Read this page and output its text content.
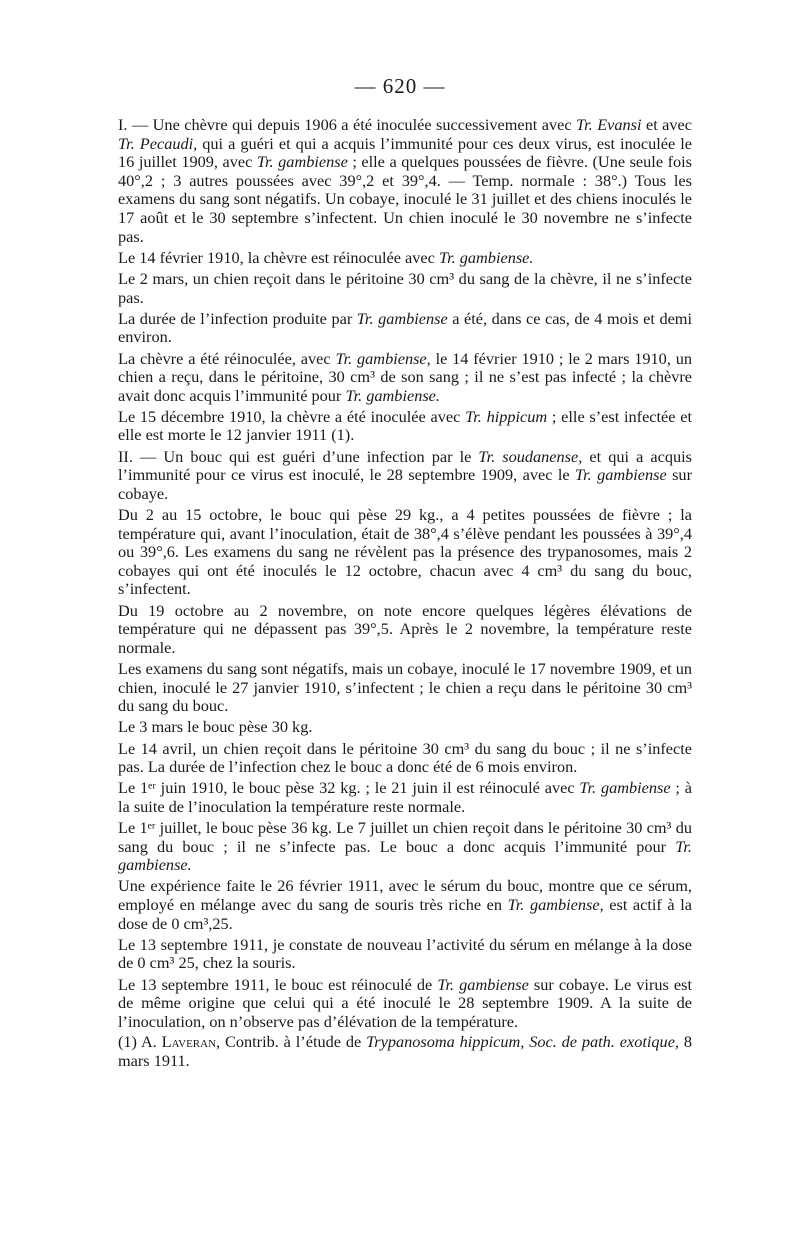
— 620 —

I. — Une chèvre qui depuis 1906 a été inoculée successivement avec Tr. Evansi et avec Tr. Pecaudi, qui a guéri et qui a acquis l’immunité pour ces deux virus, est inoculée le 16 juillet 1909, avec Tr. gambiense ; elle a quelques poussées de fièvre. (Une seule fois 40°,2 ; 3 autres poussées avec 39°,2 et 39°,4. — Temp. normale : 38°.) Tous les examens du sang sont négatifs. Un cobaye, inoculé le 31 juillet et des chiens inoculés le 17 août et le 30 septembre s’infectent. Un chien inoculé le 30 novembre ne s’infecte pas.

Le 14 février 1910, la chèvre est réinoculée avec Tr. gambiense.

Le 2 mars, un chien reçoit dans le péritoine 30 cm³ du sang de la chèvre, il ne s’infecte pas.

La durée de l’infection produite par Tr. gambiense a été, dans ce cas, de 4 mois et demi environ.

La chèvre a été réinoculée, avec Tr. gambiense, le 14 février 1910 ; le 2 mars 1910, un chien a reçu, dans le péritoine, 30 cm³ de son sang ; il ne s’est pas infecté ; la chèvre avait donc acquis l’immunité pour Tr. gambiense.

Le 15 décembre 1910, la chèvre a été inoculée avec Tr. hippicum ; elle s’est infectée et elle est morte le 12 janvier 1911 (1).

II. — Un bouc qui est guéri d’une infection par le Tr. soudanense, et qui a acquis l’immunité pour ce virus est inoculé, le 28 septembre 1909, avec le Tr. gambiense sur cobaye.

Du 2 au 15 octobre, le bouc qui pèse 29 kg., a 4 petites poussées de fièvre ; la température qui, avant l’inoculation, était de 38°,4 s’élève pendant les poussées à 39°,4 ou 39°,6. Les examens du sang ne révèlent pas la présence des trypanosomes, mais 2 cobayes qui ont été inoculés le 12 octobre, chacun avec 4 cm³ du sang du bouc, s’infectent.

Du 19 octobre au 2 novembre, on note encore quelques légères élévations de température qui ne dépassent pas 39°,5. Après le 2 novembre, la température reste normale.

Les examens du sang sont négatifs, mais un cobaye, inoculé le 17 novembre 1909, et un chien, inoculé le 27 janvier 1910, s’infectent ; le chien a reçu dans le péritoine 30 cm³ du sang du bouc.

Le 3 mars le bouc pèse 30 kg.

Le 14 avril, un chien reçoit dans le péritoine 30 cm³ du sang du bouc ; il ne s’infecte pas. La durée de l’infection chez le bouc a donc été de 6 mois environ.

Le 1ᵉʳ juin 1910, le bouc pèse 32 kg. ; le 21 juin il est réinoculé avec Tr. gambiense ; à la suite de l’inoculation la température reste normale.

Le 1ᵉʳ juillet, le bouc pèse 36 kg. Le 7 juillet un chien reçoit dans le péritoine 30 cm³ du sang du bouc ; il ne s’infecte pas. Le bouc a donc acquis l’immunité pour Tr. gambiense.

Une expérience faite le 26 février 1911, avec le sérum du bouc, montre que ce sérum, employé en mélange avec du sang de souris très riche en Tr. gambiense, est actif à la dose de 0 cm³,25.

Le 13 septembre 1911, je constate de nouveau l’activité du sérum en mélange à la dose de 0 cm³ 25, chez la souris.

Le 13 septembre 1911, le bouc est réinoculé de Tr. gambiense sur cobaye. Le virus est de même origine que celui qui a été inoculé le 28 septembre 1909. A la suite de l’inoculation, on n’observe pas d’élévation de la température.

(1) A. Laveran, Contrib. à l’étude de Trypanosoma hippicum, Soc. de path. exotique, 8 mars 1911.
